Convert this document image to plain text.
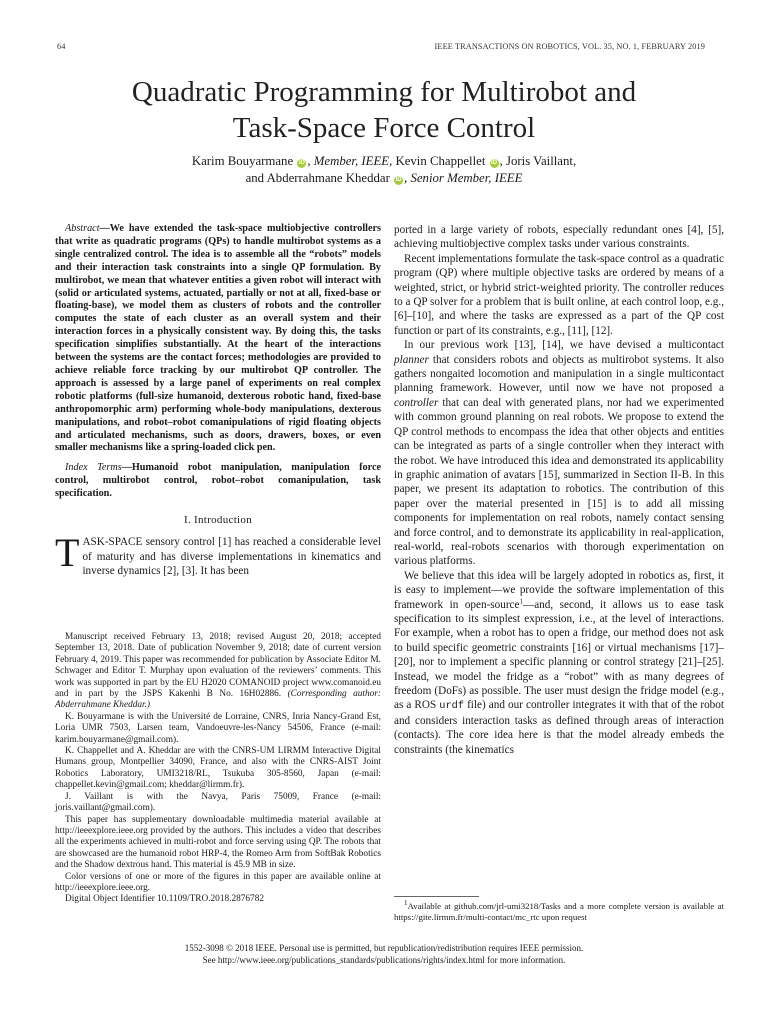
64	IEEE TRANSACTIONS ON ROBOTICS, VOL. 35, NO. 1, FEBRUARY 2019
Quadratic Programming for Multirobot and
Task-Space Force Control
Karim Bouyarmane iD , Member, IEEE, Kevin Chappellet iD , Joris Vaillant,
and Abderrahmane Kheddar iD , Senior Member, IEEE

Abstract—We have extended the task-space multiobjective controllers that write as quadratic programs (QPs) to handle multirobot systems as a single centralized control. The idea is to assemble all the “robots” models and their interaction task constraints into a single QP formulation. By multirobot, we mean that whatever entities a given robot will interact with (solid or articulated systems, actuated, partially or not at all, fixed-base or floating-base), we model them as clusters of robots and the controller computes the state of each cluster as an overall system and their interaction forces in a physically consistent way. By doing this, the tasks specification simplifies substantially. At the heart of the interactions between the systems are the contact forces; methodologies are provided to achieve reliable force tracking by our multirobot QP controller. The approach is assessed by a large panel of experiments on real complex robotic platforms (full-size humanoid, dexterous robotic hand, fixed-base anthropomorphic arm) performing whole-body manipulations, dexterous manipulations, and robot–robot comanipulations of rigid floating objects and articulated mechanisms, such as doors, drawers, boxes, or even smaller mechanisms like a spring-loaded click pen.

Index Terms—Humanoid robot manipulation, manipulation force control, multirobot control, robot–robot comanipulation, task specification.

I. Introduction

TASK-SPACE sensory control [1] has reached a considerable level of maturity and has diverse implementations in kinematics and inverse dynamics [2], [3]. It has been

Manuscript received February 13, 2018; revised August 20, 2018; accepted September 13, 2018. Date of publication November 9, 2018; date of current version February 4, 2019. This paper was recommended for publication by Associate Editor M. Schwager and Editor T. Murphay upon evaluation of the reviewers’ comments. This work was supported in part by the EU H2020 COMANOID project www.comanoid.eu and in part by the JSPS Kakenhi B No. 16H02886. (Corresponding author: Abderrahmane Kheddar.)

K. Bouyarmane is with the Université de Lorraine, CNRS, Inria Nancy-Grand Est, Loria UMR 7503, Larsen team, Vandoeuvre-les-Nancy 54506, France (e-mail: karim.bouyarmane@gmail.com).

K. Chappellet and A. Kheddar are with the CNRS-UM LIRMM Interactive Digital Humans group, Montpellier 34090, France, and also with the CNRS-AIST Joint Robotics Laboratory, UMI3218/RL, Tsukuba 305-8560, Japan (e-mail: chappellet.kevin@gmail.com; kheddar@lirmm.fr).

J. Vaillant is with the Navya, Paris 75009, France (e-mail: joris.vaillant@gmail.com).

This paper has supplementary downloadable multimedia material available at http://ieeexplore.ieee.org provided by the authors. This includes a video that describes all the experiments achieved in multi-robot and force serving using QP. The robots that are showcased are the humanoid robot HRP-4, the Romeo Arm from SoftBak Robotics and the Shadow dextrous hand. This material is 45.9 MB in size.

Color versions of one or more of the figures in this paper are available online at http://ieeexplore.ieee.org.

Digital Object Identifier 10.1109/TRO.2018.2876782

ported in a large variety of robots, especially redundant ones [4], [5], achieving multiobjective complex tasks under various constraints.

Recent implementations formulate the task-space control as a quadratic program (QP) where multiple objective tasks are ordered by means of a weighted, strict, or hybrid strict-weighted priority. The controller reduces to a QP solver for a problem that is built online, at each control loop, e.g., [6]–[10], and where the tasks are expressed as a part of the QP cost function or part of its constraints, e.g., [11], [12].

In our previous work [13], [14], we have devised a multicontact planner that considers robots and objects as multirobot systems. It also gathers nongaited locomotion and manipulation in a single multicontact planning framework. However, until now we have not proposed a controller that can deal with generated plans, nor had we experimented with common ground planning on real robots. We propose to extend the QP control methods to encompass the idea that other objects and entities can be integrated as parts of a single controller when they interact with the robot. We have introduced this idea and demonstrated its applicability in graphic animation of avatars [15], summarized in Section II-B. In this paper, we present its adaptation to robotics. The contribution of this paper over the material presented in [15] is to add all missing components for implementation on real robots, namely contact sensing and force control, and to demonstrate its applicability in real-application, real-world, real-robots scenarios with thorough experimentation on various platforms.

We believe that this idea will be largely adopted in robotics as, first, it is easy to implement—we provide the software implementation of this framework in open-source$^1$—and, second, it allows us to ease task specification to its simplest expression, i.e., at the level of interactions. For example, when a robot has to open a fridge, our method does not ask to build specific geometric constraints [16] or virtual mechanisms [17]–[20], nor to implement a specific planning or control strategy [21]–[25]. Instead, we model the fridge as a “robot” with as many degrees of freedom (DoFs) as possible. The user must design the fridge model (e.g., as a ROS urdf file) and our controller integrates it with that of the robot and considers interaction tasks as defined through areas of interaction (contacts). The core idea here is that the model already embeds the constraints (the kinematics

$^1$Available at github.com/jrl-umi3218/Tasks and a more complete version is available at https://gite.lirmm.fr/multi-contact/mc_rtc upon request
1552-3098 © 2018 IEEE. Personal use is permitted, but republication/redistribution requires IEEE permission.
See http://www.ieee.org/publications_standards/publications/rights/index.html for more information.
